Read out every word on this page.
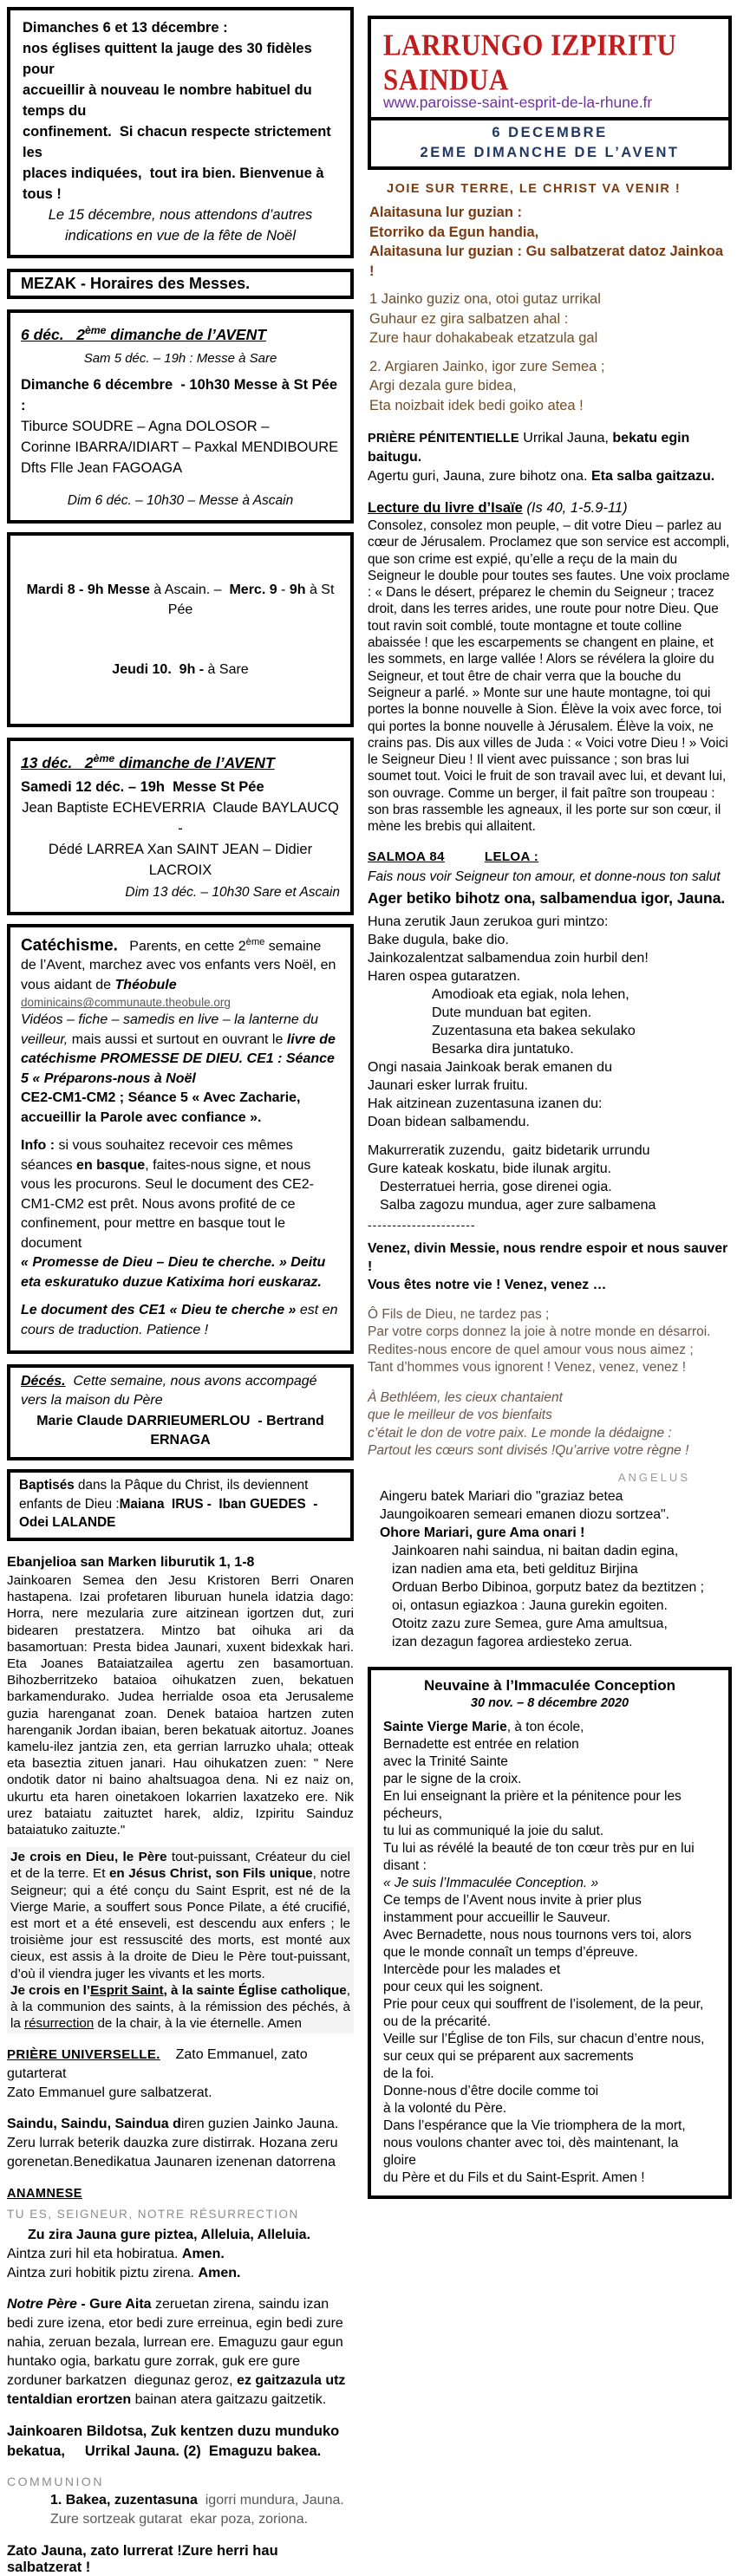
Dimanches 6 et 13 décembre :
nos églises quittent la jauge des 30 fidèles pour
accueillir à nouveau le nombre habituel du temps du
confinement.  Si chacun respecte strictement les
places indiquées,  tout ira bien. Bienvenue à tous !
Le 15 décembre, nous attendons d’autres
indications en vue de la fête de Noël
MEZAK - Horaires des Messes.
6 déc.   2ème dimanche de l’AVENT
Sam 5 déc. – 19h : Messe à Sare
Dimanche 6 décembre  - 10h30 Messe à St Pée :
Tiburce SOUDRE – Agna DOLOSOR –
Corinne IBARRA/IDIART – Paxkal MENDIBOURE
Dfts Flle Jean FAGOAGA
Dim 6 déc. – 10h30 – Messe à Ascain

Mardi 8 - 9h Messe à Ascain. –  Merc. 9 - 9h à St Pée

Jeudi 10.  9h - à Sare

13 déc.   2ème dimanche de l’AVENT
Samedi 12 déc. – 19h  Messe St Pée
Jean Baptiste ECHEVERRIA  Claude BAYLAUCQ -
Dédé LARREA Xan SAINT JEAN – Didier LACROIX
Dim 13 déc. – 10h30 Sare et Ascain

Catéchisme.   Parents, en cette 2ème semaine de l’Avent, marchez avec vos enfants vers Noël, en vous aidant de Théobule

dominicains@communaute.theobule.org

Vidéos – fiche – samedis en live – la lanterne du veilleur, mais aussi et surtout en ouvrant le livre de catéchisme PROMESSE DE DIEU. CE1 : Séance 5 « Préparons-nous à Noël
CE2-CM1-CM2 ; Séance 5 « Avec Zacharie, accueillir la Parole avec confiance ».

Info : si vous souhaitez recevoir ces mêmes séances en basque, faites-nous signe, et nous vous les procurons. Seul le document des CE2-CM1-CM2 est prêt. Nous avons profité de ce confinement, pour mettre en basque tout le document

« Promesse de Dieu – Dieu te cherche. » Deitu eta eskuratuko duzue Katixima hori euskaraz.

Le document des CE1 « Dieu te cherche » est en cours de traduction. Patience !

Décés.  Cette semaine, nous avons accompagé vers la maison du Père
Marie Claude DARRIEUMERLOU  - Bertrand ERNAGA
Baptisés dans la Pâque du Christ, ils deviennent enfants de Dieu :Maiana  IRUS -  Iban GUEDES  - Odei LALANDE
Ebanjelioa san Marken liburutik 1, 1-8
Jainkoaren Semea den Jesu Kristoren Berri Onaren hastapena. Izai profetaren liburuan hunela idatzia dago: Horra, nere mezularia zure aitzinean igortzen dut, zuri bidearen prestatzera. Mintzo bat oihuka ari da basamortuan: Presta bidea Jaunari, xuxent bidexkak hari. Eta Joanes Bataiatzailea agertu zen basamortuan. Bihozberritzeko bataioa oihukatzen zuen, bekatuen barkamendurako. Judea herrialde osoa eta Jerusaleme guzia harenganat zoan. Denek bataioa hartzen zuten harenganik Jordan ibaian, beren bekatuak aitortuz. Joanes kamelu-ilez jantzia zen, eta gerrian larruzko uhala; otteak eta baseztia zituen janari. Hau oihukatzen zuen: " Nere ondotik dator ni baino ahaltsuagoa dena. Ni ez naiz on, ukurtu eta haren oinetakoen lokarrien laxatzeko ere. Nik urez bataiatu zaituztet harek, aldiz, Izpiritu Sainduz bataiatuko zaituzte."

Je crois en Dieu, le Père tout-puissant, Créateur du ciel et de la terre. Et en Jésus Christ, son Fils unique, notre Seigneur; qui a été conçu du Saint Esprit, est né de la Vierge Marie, a souffert sous Ponce Pilate, a été crucifié, est mort et a été enseveli, est descendu aux enfers ; le troisième jour est ressuscité des morts, est monté aux cieux, est assis à la droite de Dieu le Père tout-puissant, d’où il viendra juger les vivants et les morts.

Je crois en l’Esprit Saint, à la sainte Église catholique, à la communion des saints, à la rémission des péchés, à la résurrection de la chair, à la vie éternelle. Amen

PRIÈRE UNIVERSELLE.    Zato Emmanuel, zato gutarterat
Zato Emmanuel gure salbatzerat.
Saindu, Saindu, Saindua diren guzien Jainko Jauna. Zeru lurrak beterik dauzka zure distirrak. Hozana zeru gorenetan.Benedikatua Jaunaren izenenan datorrena
ANAMNESE
TU ES, SEIGNEUR, NOTRE RÉSURRECTION
Zu zira Jauna gure piztea, Alleluia, Alleluia.
Aintza zuri hil eta hobiratua. Amen.
Aintza zuri hobitik piztu zirena. Amen.
Notre Père - Gure Aita zeruetan zirena, saindu izan bedi zure izena, etor bedi zure erreinua, egin bedi zure nahia, zeruan bezala, lurrean ere. Emaguzu gaur egun huntako ogia, barkatu gure zorrak, guk ere gure zorduner barkatzen  diegunaz geroz, ez gaitzazula utz tentaldian erortzen bainan atera gaitzazu gaitzetik.
Jainkoaren Bildotsa, Zuk kentzen duzu munduko bekatua,     Urrikal Jauna. (2)  Emaguzu bakea.
COMMUNION
1. Bakea, zuzentasuna  igorri mundura, Jauna.
Zure sortzeak gutarat  ekar poza, zoriona.
Zato Jauna, zato lurrerat !Zure herri hau salbatzerat !
LARRUNGO IZPIRITU SAINDUA
www.paroisse-saint-esprit-de-la-rhune.fr
6 DECEMBRE
2EME DIMANCHE DE L’AVENT
JOIE SUR TERRE, LE CHRIST VA VENIR !
Alaitasuna lur guzian :
Etorriko da Egun handia,
Alaitasuna lur guzian : Gu salbatzerat datoz Jainkoa !
1 Jainko guziz ona, otoi gutaz urrikal
Guhaur ez gira salbatzen ahal :
Zure haur dohakabeak etzatzula gal
2. Argiaren Jainko, igor zure Semea ;
Argi dezala gure bidea,
Eta noizbait idek bedi goiko atea !
PRIÈRE PÉNITENTIELLE Urrikal Jauna, bekatu egin baitugu.
Agertu guri, Jauna, zure bihotz ona. Eta salba gaitzazu.
Lecture du livre d’Isaïe (Is 40, 1-5.9-11)
Consolez, consolez mon peuple, – dit votre Dieu – parlez au cœur de Jérusalem. Proclamez que son service est accompli, que son crime est expié, qu’elle a reçu de la main du Seigneur le double pour toutes ses fautes. Une voix proclame : « Dans le désert, préparez le chemin du Seigneur ; tracez droit, dans les terres arides, une route pour notre Dieu. Que tout ravin soit comblé, toute montagne et toute colline abaissée ! que les escarpements se changent en plaine, et les sommets, en large vallée ! Alors se révélera la gloire du Seigneur, et tout être de chair verra que la bouche du Seigneur a parlé. » Monte sur une haute montagne, toi qui portes la bonne nouvelle à Sion. Élève la voix avec force, toi qui portes la bonne nouvelle à Jérusalem. Élève la voix, ne crains pas. Dis aux villes de Juda : « Voici votre Dieu ! » Voici le Seigneur Dieu ! Il vient avec puissance ; son bras lui soumet tout. Voici le fruit de son travail avec lui, et devant lui, son ouvrage. Comme un berger, il fait paître son troupeau : son bras rassemble les agneaux, il les porte sur son cœur, il mène les brebis qui allaitent.
SALMOA 84	LELOA :
Fais nous voir Seigneur ton amour, et donne-nous ton salut
Ager betiko bihotz ona, salbamendua igor, Jauna.
Huna zerutik Jaun zerukoa guri mintzo:
Bake dugula, bake dio.
Jainkozalentzat salbamendua zoin hurbil den!
Haren ospea gutaratzen.
Amodioak eta egiak, nola lehen,
Dute munduan bat egiten.
Zuzentasuna eta bakea sekulako
Besarka dira juntatuko.
Ongi nasaia Jainkoak berak emanen du
Jaunari esker lurrak fruitu.
Hak aitzinean zuzentasuna izanen du:
Doan bidean salbamendu.
Makurreratik zuzendu,  gaitz bidetarik urrundu
Gure kateak koskatu, bide ilunak argitu.
Desterratuei herria, gose direnei ogia.
Salba zagozu mundua, ager zure salbamena
----------------------
Venez, divin Messie, nous rendre espoir et nous sauver !
Vous êtes notre vie ! Venez, venez …
Ô Fils de Dieu, ne tardez pas ;
Par votre corps donnez la joie à notre monde en désarroi.
Redites-nous encore de quel amour vous nous aimez ;
Tant d’hommes vous ignorent ! Venez, venez, venez !
À Bethléem, les cieux chantaient
que le meilleur de vos bienfaits
c’était le don de votre paix. Le monde la dédaigne :
Partout les cœurs sont divisés !Qu’arrive votre règne !
ANGELUS
Aingeru batek Mariari dio "graziaz betea
Jaungoikoaren semeari emanen diozu sortzea".
Ohore Mariari, gure Ama onari !
Jainkoaren nahi saindua, ni baitan dadin egina,
izan nadien ama eta, beti geldituz Birjina
Orduan Berbo Dibinoa, gorputz batez da beztitzen ;
oi, ontasun egiazkoa : Jauna gurekin egoiten.
Otoitz zazu zure Semea, gure Ama amultsua,
izan dezagun fagorea ardiesteko zerua.
Neuvaine à l’Immaculée Conception
30 nov. – 8 décembre 2020
Sainte Vierge Marie, à ton école,
Bernadette est entrée en relation
avec la Trinité Sainte
par le signe de la croix.
En lui enseignant la prière et la pénitence pour les
pécheurs,
tu lui as communiqué la joie du salut.
Tu lui as révélé la beauté de ton cœur très pur en lui
disant :
« Je suis l’Immaculée Conception. »
Ce temps de l’Avent nous invite à prier plus
instamment pour accueillir le Sauveur.
Avec Bernadette, nous nous tournons vers toi, alors
que le monde connaît un temps d’épreuve.
Intercède pour les malades et
pour ceux qui les soignent.
Prie pour ceux qui souffrent de l’isolement, de la peur,
ou de la précarité.
Veille sur l’Église de ton Fils, sur chacun d’entre nous,
sur ceux qui se préparent aux sacrements
de la foi.
Donne-nous d’être docile comme toi
à la volonté du Père.
Dans l’espérance que la Vie triomphera de la mort,
nous voulons chanter avec toi, dès maintenant, la
gloire
du Père et du Fils et du Saint-Esprit. Amen !
